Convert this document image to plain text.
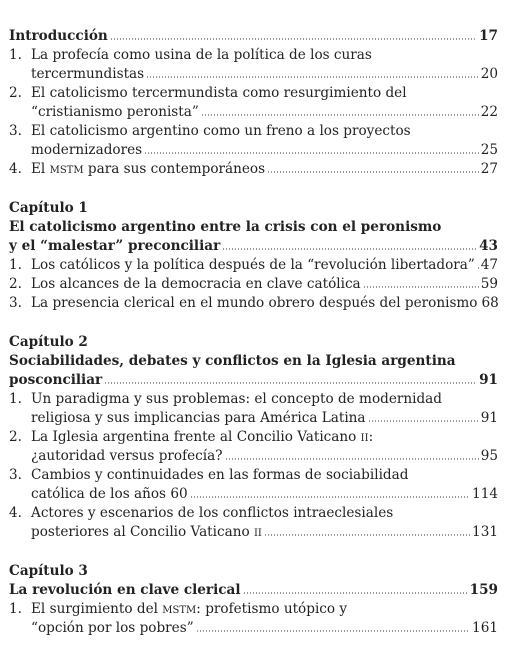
Introducción	17
1. La profecía como usina de la política de los curas
tercermundistas	20
2. El catolicismo tercermundista como resurgimiento del
“cristianismo peronista”	22
3. El catolicismo argentino como un freno a los proyectos
modernizadores	25
4. El mstm para sus contemporáneos	27
Capítulo 1
El catolicismo argentino entre la crisis con el peronismo
y el “malestar” preconciliar	43
1. Los católicos y la política después de la “revolución libertadora” 47
2. Los alcances de la democracia en clave católica	59
3. La presencia clerical en el mundo obrero después del peronismo 68
Capítulo 2
Sociabilidades, debates y conflictos en la Iglesia argentina
posconciliar	91
1. Un paradigma y sus problemas: el concepto de modernidad
religiosa y sus implicancias para América Latina	91
2. La Iglesia argentina frente al Concilio Vaticano ii:
¿autoridad versus profecía?	95
3. Cambios y continuidades en las formas de sociabilidad
católica de los años 60	114
4. Actores y escenarios de los conflictos intraeclesiales
posteriores al Concilio Vaticano ii	131
Capítulo 3
La revolución en clave clerical	159
1. El surgimiento del mstm: profetismo utópico y
“opción por los pobres”	161
